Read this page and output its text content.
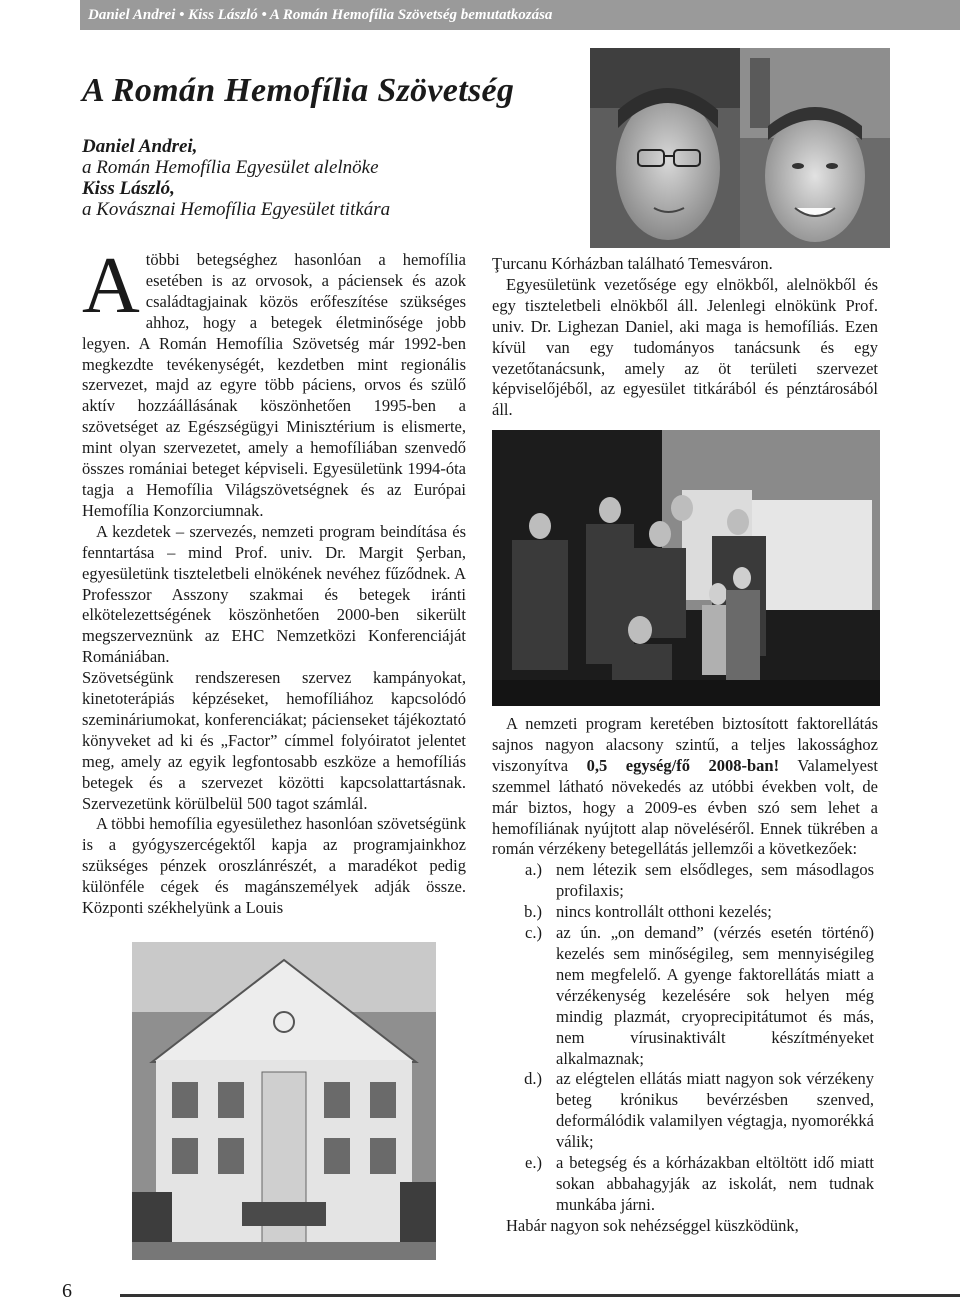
Daniel Andrei • Kiss László • A Román Hemofília Szövetség bemutatkozása
A Román Hemofília Szövetség
Daniel Andrei,
a Román Hemofília Egyesület alelnöke
Kiss László,
a Kovásznai Hemofília Egyesület titkára

Atöbbi betegséghez hasonlóan a hemofília esetében is az orvosok, a páciensek és azok családtagjainak közös erőfeszítése szükséges ahhoz, hogy a betegek életminősége jobb legyen. A Román Hemofília Szövetség már 1992-ben megkezdte tevékenységét, kezdetben mint regionális szervezet, majd az egyre több páciens, orvos és szülő aktív hozzáállásának köszönhetően 1995-ben a szövetséget az Egészségügyi Minisztérium is elismerte, mint olyan szervezetet, amely a hemofíliában szenvedő összes romániai beteget képviseli. Egyesületünk 1994-óta tagja a Hemofília Világszövetségnek és az Európai Hemofília Konzorciumnak.

A kezdetek – szervezés, nemzeti program beindítása és fenntartása – mind Prof. univ. Dr. Margit Şerban, egyesületünk tiszteletbeli elnökének nevéhez fűződnek. A Professzor Asszony szakmai és betegek iránti elkötelezettségének köszönhetően 2000-ben sikerült megszerveznünk az EHC Nemzetközi Konferenciáját Romániában.

Szövetségünk rendszeresen szervez kampányokat, kinetoterápiás képzéseket, hemofíliához kapcsolódó szemináriumokat, konferenciákat; pácienseket tájékoztató könyveket ad ki és „Factor” címmel folyóiratot jelentet meg, amely az egyik legfontosabb eszköze a hemofíliás betegek és a szervezet közötti kapcsolattartásnak. Szervezetünk körülbelül 500 tagot számlál.

A többi hemofília egyesülethez hasonlóan szövetségünk is a gyógyszercégektől kapja az programjainkhoz szükséges pénzek oroszlánrészét, a maradékot pedig különféle cégek és magánszemélyek adják össze. Központi székhelyünk a Louis

Ţurcanu Kórházban található Temesváron.

Egyesületünk vezetősége egy elnökből, alelnökből és egy tiszteletbeli elnökből áll. Jelenlegi elnökünk Prof. univ. Dr. Lighezan Daniel, aki maga is hemofíliás. Ezen kívül van egy tudományos tanácsunk és egy vezetőtanácsunk, amely az öt területi szervezet képviselőjéből, az egyesület titkárából és pénztárosából áll.

A nemzeti program keretében biztosított faktorellátás sajnos nagyon alacsony szintű, a teljes lakossághoz viszonyítva 0,5 egység/fő 2008-ban! Valamelyest szemmel látható növekedés az utóbbi években volt, de már biztos, hogy a 2009-es évben szó sem lehet a hemofíliának nyújtott alap növeléséről. Ennek tükrében a román vérzékeny betegellátás jellemzői a következőek:

a.) nem létezik sem elsődleges, sem másodlagos profilaxis;
b.) nincs kontrollált otthoni kezelés;
c.) az ún. „on demand” (vérzés esetén történő) kezelés sem minőségileg, sem mennyiségileg nem megfelelő. A gyenge faktorellátás miatt a vérzékenység kezelésére sok helyen még mindig plazmát, cryoprecipitátumot és más, nem vírusinaktivált készítményeket alkalmaznak;
d.) az elégtelen ellátás miatt nagyon sok vérzékeny beteg krónikus bevérzésben szenved, deformálódik valamilyen végtagja, nyomorékká válik;
e.) a betegség és a kórházakban eltöltött idő miatt sokan abbahagyják az iskolát, nem tudnak munkába járni.

Habár nagyon sok nehézséggel küszködünk,

6
